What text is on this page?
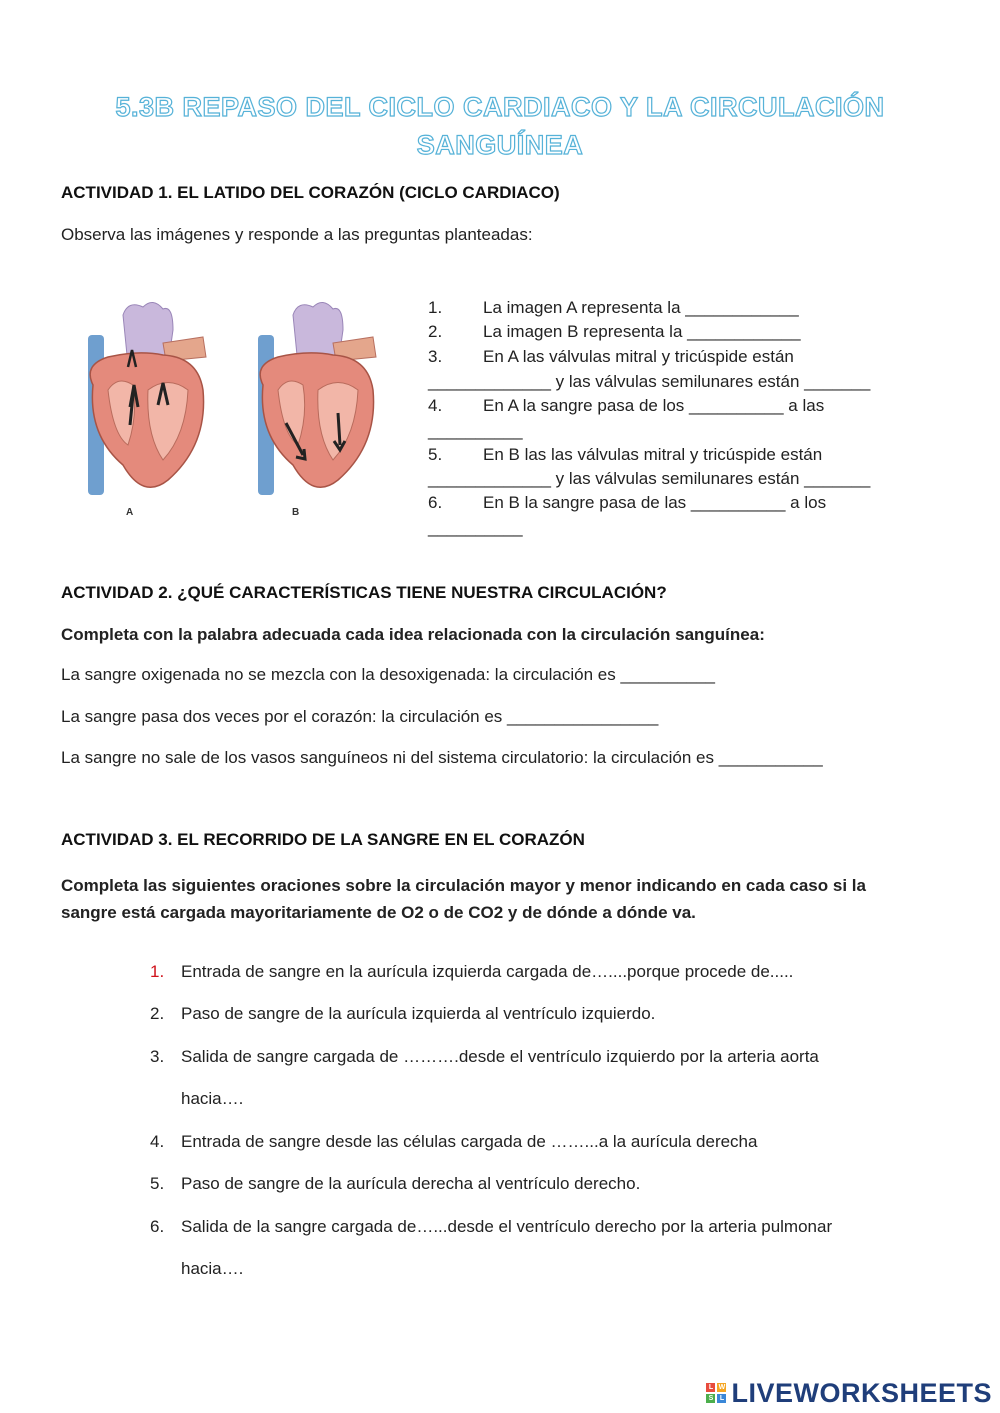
5.3B REPASO DEL CICLO CARDIACO Y LA CIRCULACIÓN
SANGUÍNEA
ACTIVIDAD 1. EL LATIDO DEL CORAZÓN (CICLO CARDIACO)
Observa las imágenes y responde a las preguntas planteadas:
A	B
1. La imagen A representa la ____________
2. La imagen B representa la ____________
3. En A las válvulas mitral y tricúspide están
_____________ y las válvulas semilunares están _______
4. En A la sangre pasa de los __________ a las
__________
5. En B las las válvulas mitral y tricúspide están
_____________ y las válvulas semilunares están _______
6. En B la sangre pasa de las __________ a los
__________
ACTIVIDAD 2. ¿QUÉ CARACTERÍSTICAS TIENE NUESTRA CIRCULACIÓN?
Completa con la palabra adecuada cada idea relacionada con la circulación sanguínea:
La sangre oxigenada no se mezcla con la desoxigenada: la circulación es __________
La sangre pasa dos veces por el corazón: la circulación es ________________
La sangre no sale de los vasos sanguíneos ni del sistema circulatorio: la circulación es ___________
ACTIVIDAD 3. EL RECORRIDO DE LA SANGRE EN EL CORAZÓN
Completa las siguientes oraciones sobre la circulación mayor y menor indicando en cada caso si la
sangre está cargada mayoritariamente de O2 o de CO2 y de dónde a dónde va.
1. Entrada de sangre en la aurícula izquierda cargada de…....porque procede de.....
2. Paso de sangre de la aurícula izquierda al ventrículo izquierdo.
3. Salida de sangre cargada de ……….desde el ventrículo izquierdo por la arteria aorta
hacia….
4. Entrada de sangre desde las células cargada de ……...a la aurícula derecha
5. Paso de sangre de la aurícula derecha al ventrículo derecho.
6. Salida de la sangre cargada de…...desde el ventrículo derecho por la arteria pulmonar
hacia….
L W
S L LIVEWORKSHEETS
